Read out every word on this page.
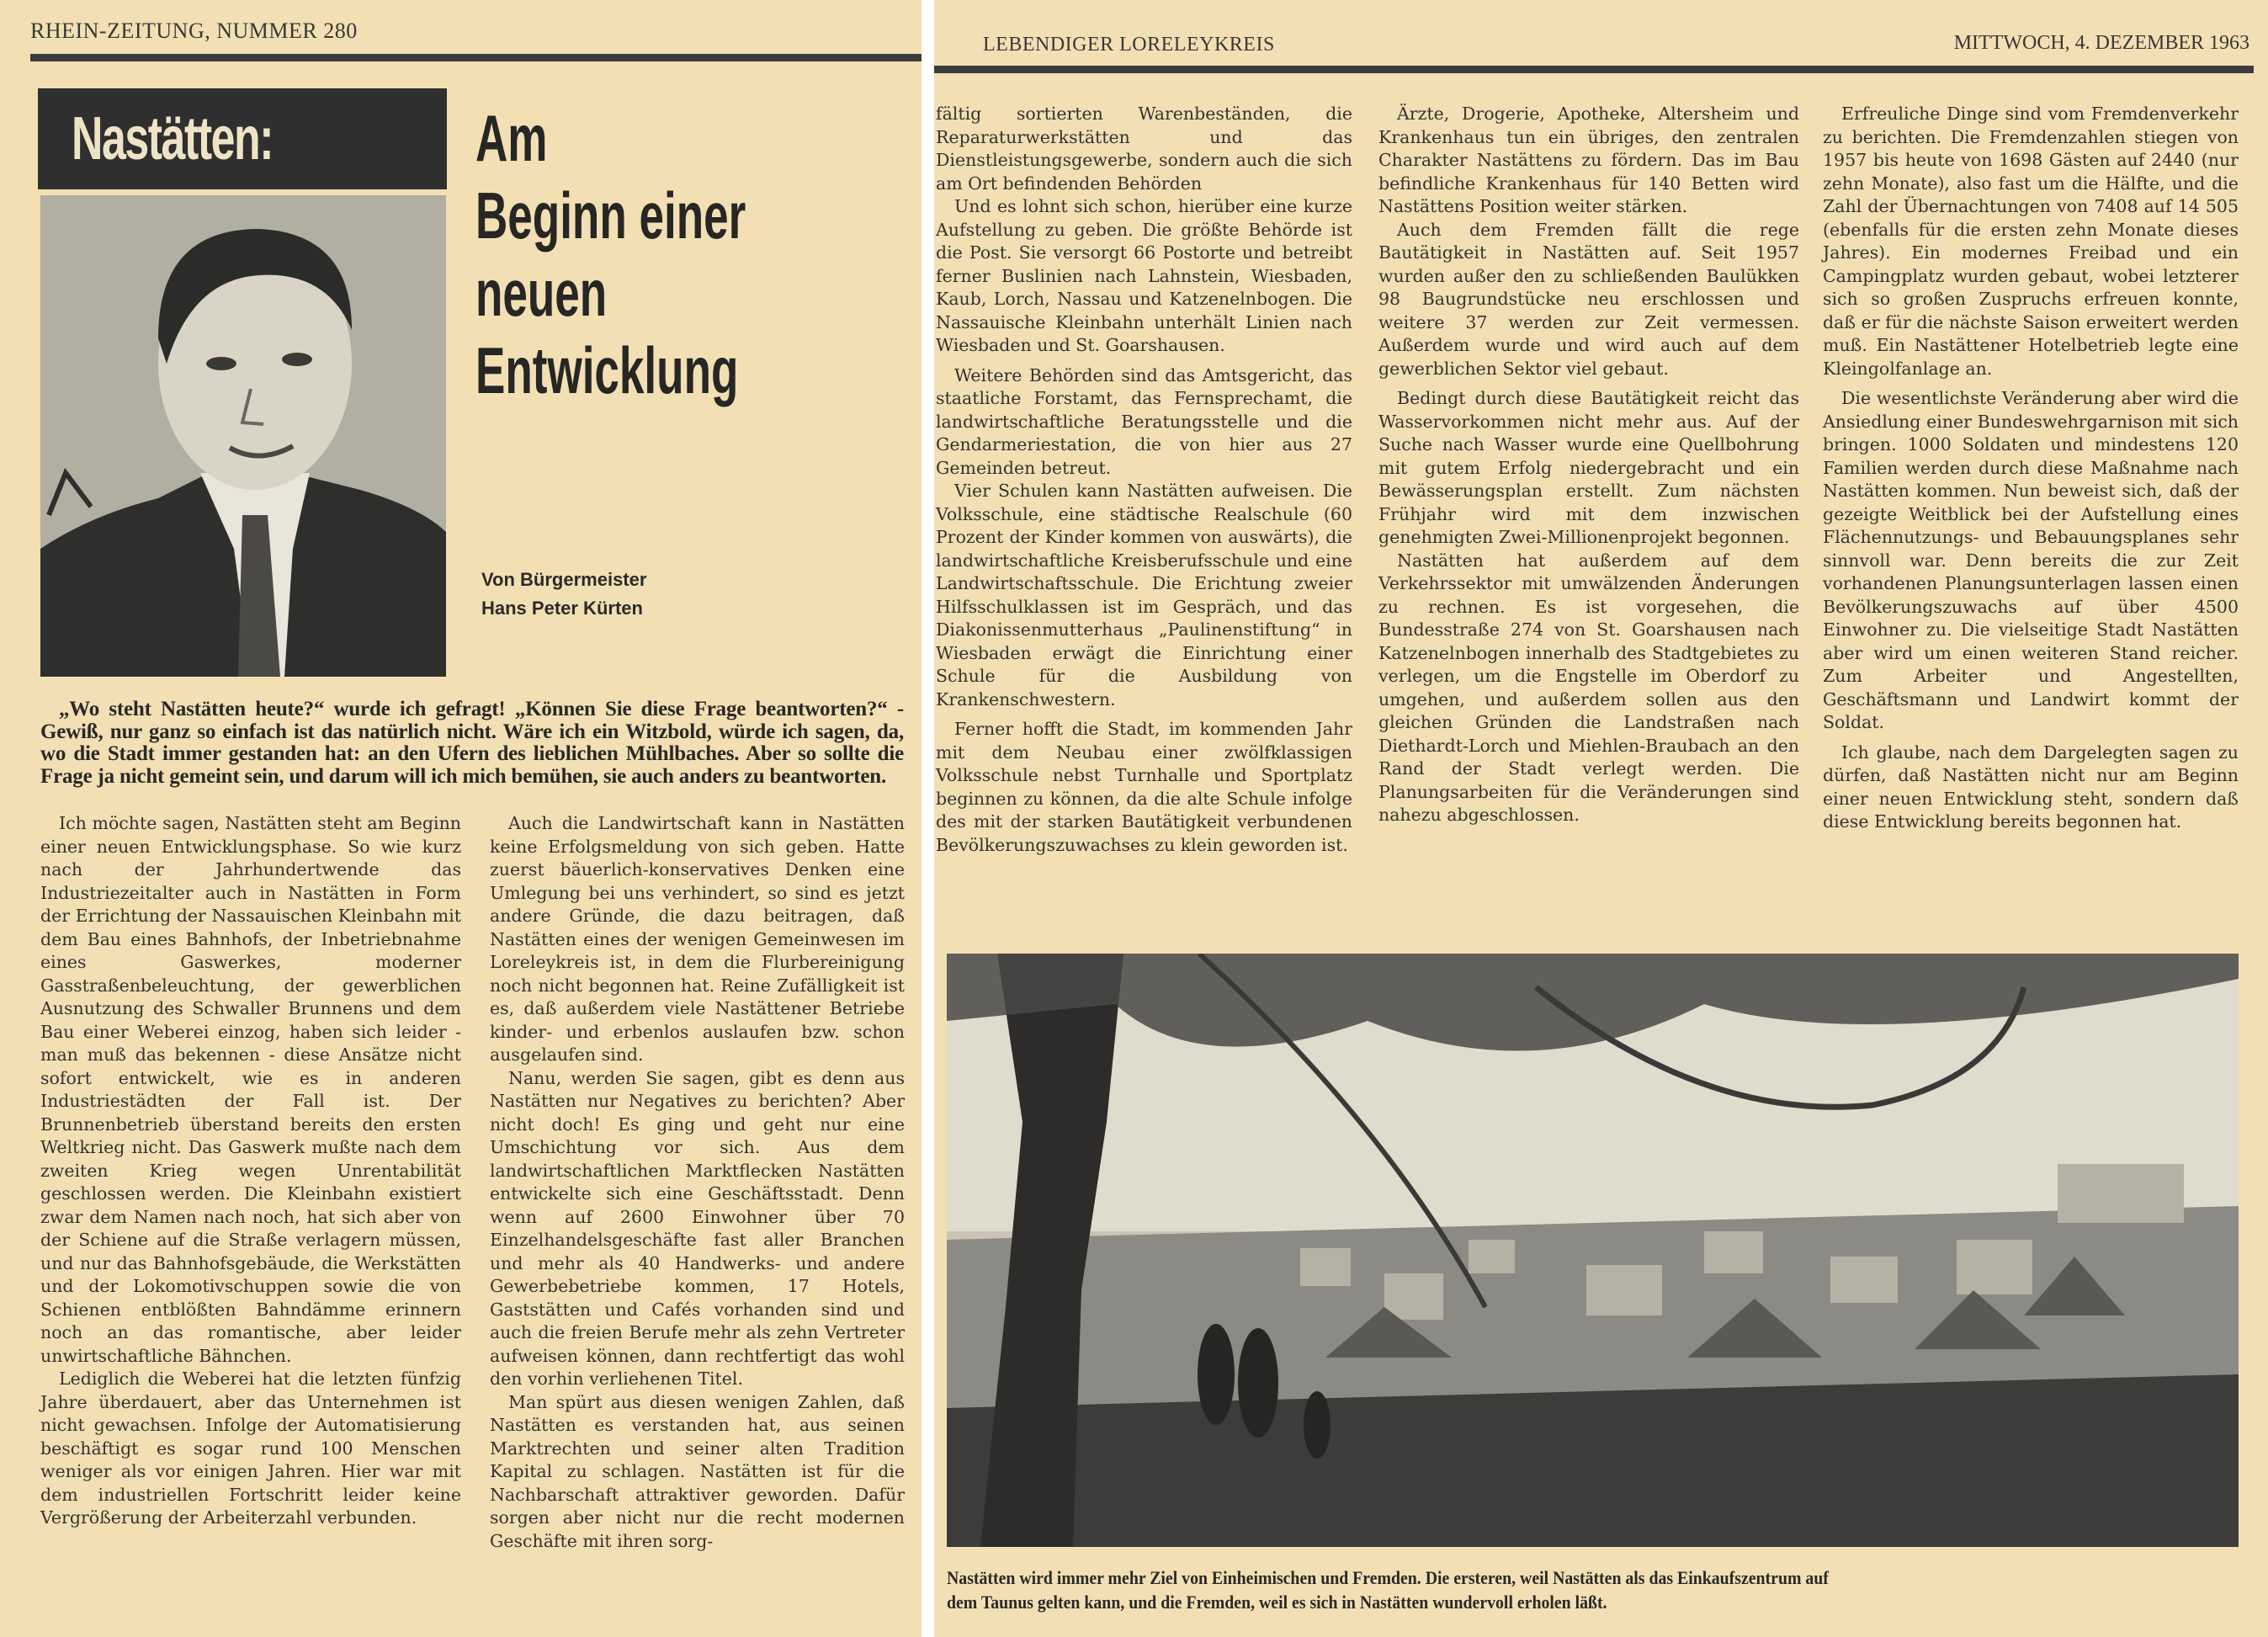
RHEIN-ZEITUNG, NUMMER 280
Nastätten:	Am
Beginn einer
neuen
Entwicklung
Von Bürgermeister
Hans Peter Kürten

„Wo steht Nastätten heute?“ wurde ich gefragt! „Können Sie diese Frage beantworten?“ - Gewiß, nur ganz so einfach ist das natürlich nicht. Wäre ich ein Witzbold, würde ich sagen, da, wo die Stadt immer gestanden hat: an den Ufern des lieblichen Mühlbaches. Aber so sollte die Frage ja nicht gemeint sein, und darum will ich mich bemühen, sie auch anders zu beantworten.

Ich möchte sagen, Nastätten steht am Beginn einer neuen Entwicklungsphase. So wie kurz nach der Jahrhundertwende das Industriezeitalter auch in Nastätten in Form der Errichtung der Nassauischen Kleinbahn mit dem Bau eines Bahnhofs, der Inbetriebnahme eines Gaswerkes, moderner Gasstraßenbeleuchtung, der gewerblichen Ausnutzung des Schwaller Brunnens und dem Bau einer Weberei einzog, haben sich leider - man muß das bekennen - diese Ansätze nicht sofort entwickelt, wie es in anderen Industriestädten der Fall ist. Der Brunnenbetrieb überstand bereits den ersten Weltkrieg nicht. Das Gaswerk mußte nach dem zweiten Krieg wegen Unrentabilität geschlossen werden. Die Kleinbahn existiert zwar dem Namen nach noch, hat sich aber von der Schiene auf die Straße verlagern müssen, und nur das Bahnhofsgebäude, die Werkstätten und der Lokomotivschuppen sowie die von Schienen entblößten Bahndämme erinnern noch an das romantische, aber leider unwirtschaftliche Bähnchen.

Lediglich die Weberei hat die letzten fünfzig Jahre überdauert, aber das Unternehmen ist nicht gewachsen. Infolge der Automatisierung beschäftigt es sogar rund 100 Menschen weniger als vor einigen Jahren. Hier war mit dem industriellen Fortschritt leider keine Vergrößerung der Arbeiterzahl verbunden.

Auch die Landwirtschaft kann in Nastätten keine Erfolgsmeldung von sich geben. Hatte zuerst bäuerlich-konservatives Denken eine Umlegung bei uns verhindert, so sind es jetzt andere Gründe, die dazu beitragen, daß Nastätten eines der wenigen Gemeinwesen im Loreleykreis ist, in dem die Flurbereinigung noch nicht begonnen hat. Reine Zufälligkeit ist es, daß außerdem viele Nastättener Betriebe kinder- und erbenlos auslaufen bzw. schon ausgelaufen sind.

Nanu, werden Sie sagen, gibt es denn aus Nastätten nur Negatives zu berichten? Aber nicht doch! Es ging und geht nur eine Umschichtung vor sich. Aus dem landwirtschaftlichen Marktflecken Nastätten entwickelte sich eine Geschäftsstadt. Denn wenn auf 2600 Einwohner über 70 Einzelhandelsgeschäfte fast aller Branchen und mehr als 40 Handwerks- und andere Gewerbebetriebe kommen, 17 Hotels, Gaststätten und Cafés vorhanden sind und auch die freien Berufe mehr als zehn Vertreter aufweisen können, dann rechtfertigt das wohl den vorhin verliehenen Titel.

Man spürt aus diesen wenigen Zahlen, daß Nastätten es verstanden hat, aus seinen Marktrechten und seiner alten Tradition Kapital zu schlagen. Nastätten ist für die Nachbarschaft attraktiver geworden. Dafür sorgen aber nicht nur die recht modernen Geschäfte mit ihren sorg-

LEBENDIGER LORELEYKREIS	MITTWOCH, 4. DEZEMBER 1963

fältig sortierten Warenbeständen, die Reparaturwerkstätten und das Dienstleistungsgewerbe, sondern auch die sich am Ort befindenden Behörden

Und es lohnt sich schon, hierüber eine kurze Aufstellung zu geben. Die größte Behörde ist die Post. Sie versorgt 66 Postorte und betreibt ferner Buslinien nach Lahnstein, Wiesbaden, Kaub, Lorch, Nassau und Katzenelnbogen. Die Nassauische Kleinbahn unterhält Linien nach Wiesbaden und St. Goarshausen.

Weitere Behörden sind das Amtsgericht, das staatliche Forstamt, das Fernsprechamt, die landwirtschaftliche Beratungsstelle und die Gendarmeriestation, die von hier aus 27 Gemeinden betreut.

Vier Schulen kann Nastätten aufweisen. Die Volksschule, eine städtische Realschule (60 Prozent der Kinder kommen von auswärts), die landwirtschaftliche Kreisberufsschule und eine Landwirtschaftsschule. Die Erichtung zweier Hilfsschulklassen ist im Gespräch, und das Diakonissenmutterhaus „Paulinenstiftung“ in Wiesbaden erwägt die Einrichtung einer Schule für die Ausbildung von Krankenschwestern.

Ferner hofft die Stadt, im kommenden Jahr mit dem Neubau einer zwölfklassigen Volksschule nebst Turnhalle und Sportplatz beginnen zu können, da die alte Schule infolge des mit der starken Bautätigkeit verbundenen Bevölkerungszuwachses zu klein geworden ist.

Ärzte, Drogerie, Apotheke, Altersheim und Krankenhaus tun ein übriges, den zentralen Charakter Nastättens zu fördern. Das im Bau befindliche Krankenhaus für 140 Betten wird Nastättens Position weiter stärken.

Auch dem Fremden fällt die rege Bautätigkeit in Nastätten auf. Seit 1957 wurden außer den zu schließenden Baulükken 98 Baugrundstücke neu erschlossen und weitere 37 werden zur Zeit vermessen. Außerdem wurde und wird auch auf dem gewerblichen Sektor viel gebaut.

Bedingt durch diese Bautätigkeit reicht das Wasservorkommen nicht mehr aus. Auf der Suche nach Wasser wurde eine Quellbohrung mit gutem Erfolg niedergebracht und ein Bewässerungsplan erstellt. Zum nächsten Frühjahr wird mit dem inzwischen genehmigten Zwei-Millionenprojekt begonnen.

Nastätten hat außerdem auf dem Verkehrssektor mit umwälzenden Änderungen zu rechnen. Es ist vorgesehen, die Bundesstraße 274 von St. Goarshausen nach Katzenelnbogen innerhalb des Stadtgebietes zu verlegen, um die Engstelle im Oberdorf zu umgehen, und außerdem sollen aus den gleichen Gründen die Landstraßen nach Diethardt-Lorch und Miehlen-Braubach an den Rand der Stadt verlegt werden. Die Planungsarbeiten für die Veränderungen sind nahezu abgeschlossen.

Erfreuliche Dinge sind vom Fremdenverkehr zu berichten. Die Fremdenzahlen stiegen von 1957 bis heute von 1698 Gästen auf 2440 (nur zehn Monate), also fast um die Hälfte, und die Zahl der Übernachtungen von 7408 auf 14 505 (ebenfalls für die ersten zehn Monate dieses Jahres). Ein modernes Freibad und ein Campingplatz wurden gebaut, wobei letzterer sich so großen Zuspruchs erfreuen konnte, daß er für die nächste Saison erweitert werden muß. Ein Nastättener Hotelbetrieb legte eine Kleingolfanlage an.

Die wesentlichste Veränderung aber wird die Ansiedlung einer Bundeswehrgarnison mit sich bringen. 1000 Soldaten und mindestens 120 Familien werden durch diese Maßnahme nach Nastätten kommen. Nun beweist sich, daß der gezeigte Weitblick bei der Aufstellung eines Flächennutzungs- und Bebauungsplanes sehr sinnvoll war. Denn bereits die zur Zeit vorhandenen Planungsunterlagen lassen einen Bevölkerungszuwachs auf über 4500 Einwohner zu. Die vielseitige Stadt Nastätten aber wird um einen weiteren Stand reicher. Zum Arbeiter und Angestellten, Geschäftsmann und Landwirt kommt der Soldat.

Ich glaube, nach dem Dargelegten sagen zu dürfen, daß Nastätten nicht nur am Beginn einer neuen Entwicklung steht, sondern daß diese Entwicklung bereits begonnen hat.

Nastätten wird immer mehr Ziel von Einheimischen und Fremden. Die ersteren, weil Nastätten als das Einkaufszentrum auf
dem Taunus gelten kann, und die Fremden, weil es sich in Nastätten wundervoll erholen läßt.
